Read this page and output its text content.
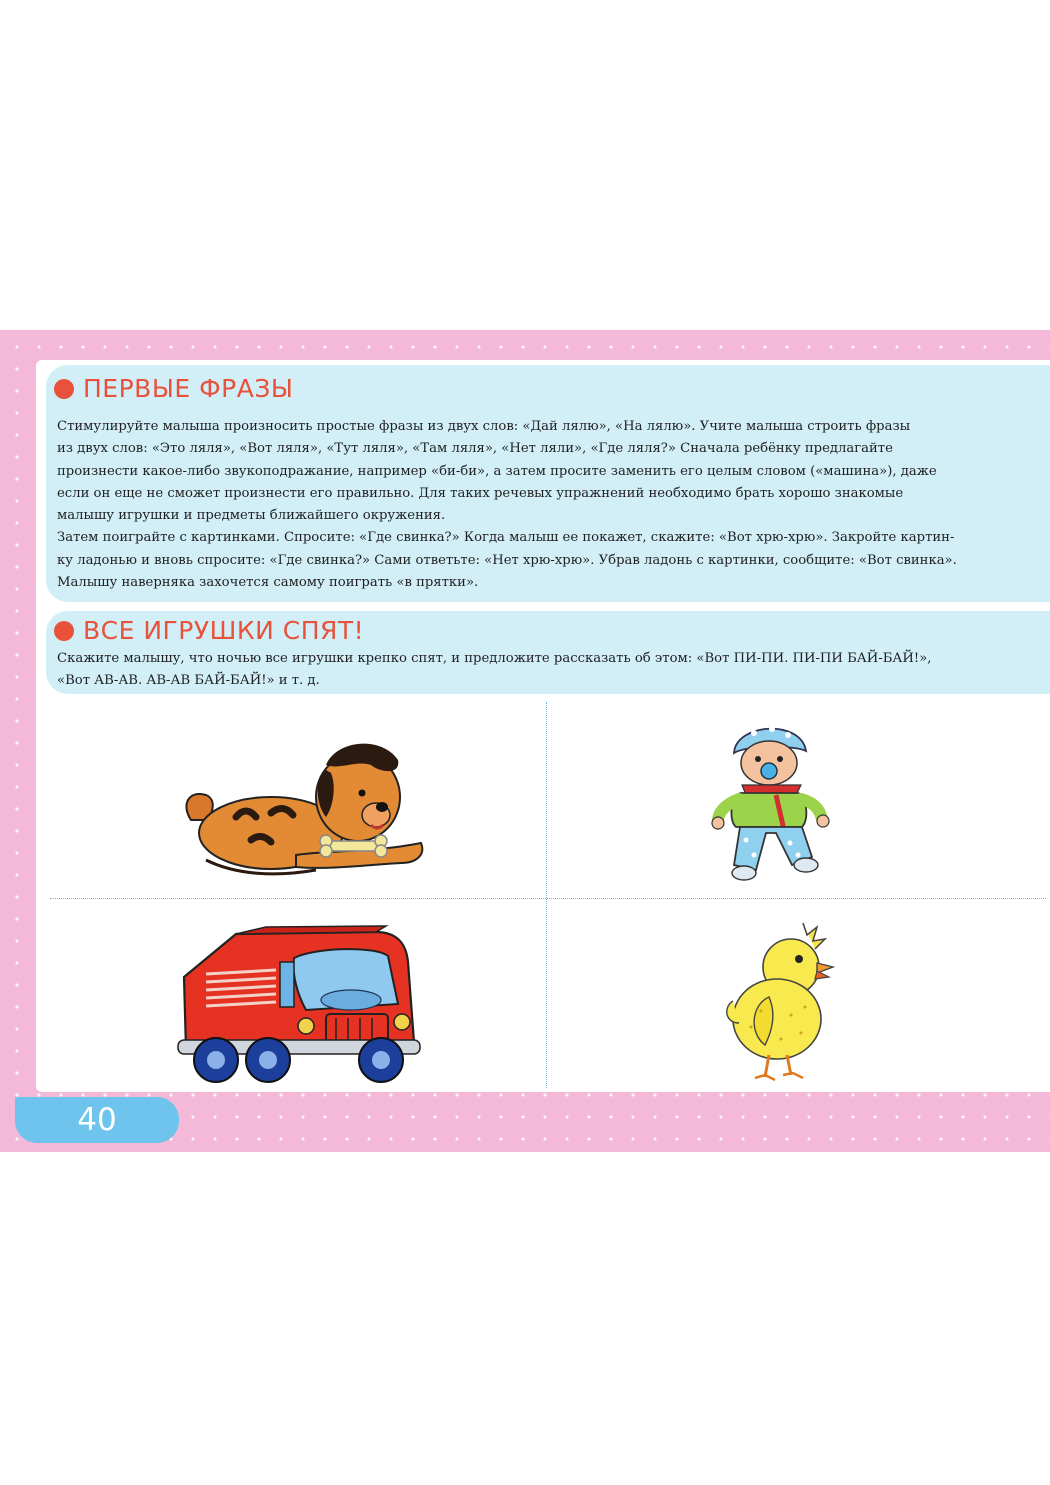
ПЕРВЫЕ ФРАЗЫ
Стимулируйте малыша произносить простые фразы из двух слов: «Дай лялю», «На лялю». Учите малыша строить фразы
из двух слов: «Это ляля», «Вот ляля», «Тут ляля», «Там ляля», «Нет ляли», «Где ляля?» Сначала ребёнку предлагайте
произнести какое-либо звукоподражание, например «би-би», а затем просите заменить его целым словом («машина»), даже
если он еще не сможет произнести его правильно. Для таких речевых упражнений необходимо брать хорошо знакомые
малышу игрушки и предметы ближайшего окружения.
Затем поиграйте с картинками. Спросите: «Где свинка?» Когда малыш ее покажет, скажите: «Вот хрю-хрю». Закройте картин-
ку ладонью и вновь спросите: «Где свинка?» Сами ответьте: «Нет хрю-хрю». Убрав ладонь с картинки, сообщите: «Вот свинка».
Малышу наверняка захочется самому поиграть «в прятки».
ВСЕ ИГРУШКИ СПЯТ!
Скажите малышу, что ночью все игрушки крепко спят, и предложите рассказать об этом: «Вот ПИ-ПИ. ПИ-ПИ БАЙ-БАЙ!»,
«Вот АВ-АВ. АВ-АВ БАЙ-БАЙ!» и т. д.
40
